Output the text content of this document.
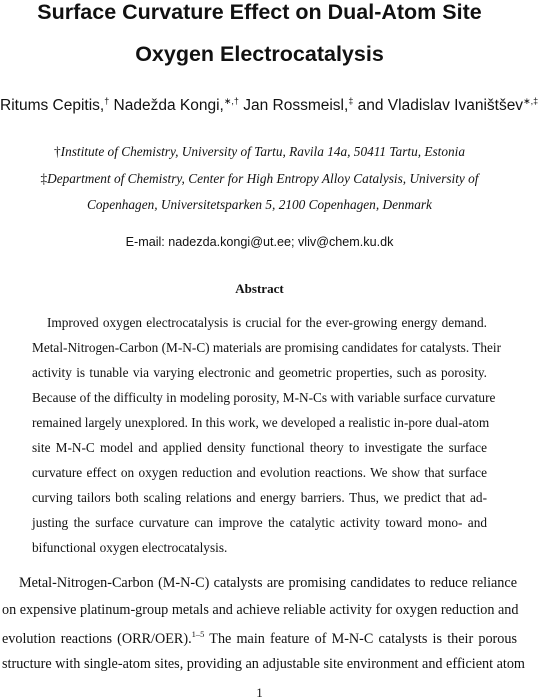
Surface Curvature Effect on Dual-Atom Site
Oxygen Electrocatalysis
Ritums Cepitis,† Nadežda Kongi,∗,† Jan Rossmeisl,‡ and Vladislav Ivaništšev∗,‡
†Institute of Chemistry, University of Tartu, Ravila 14a, 50411 Tartu, Estonia
‡Department of Chemistry, Center for High Entropy Alloy Catalysis, University of
Copenhagen, Universitetsparken 5, 2100 Copenhagen, Denmark
E-mail: nadezda.kongi@ut.ee; vliv@chem.ku.dk
Abstract
Improved oxygen electrocatalysis is crucial for the ever-growing energy demand.
Metal-Nitrogen-Carbon (M-N-C) materials are promising candidates for catalysts. Their
activity is tunable via varying electronic and geometric properties, such as porosity.
Because of the difficulty in modeling porosity, M-N-Cs with variable surface curvature
remained largely unexplored. In this work, we developed a realistic in-pore dual-atom
site M-N-C model and applied density functional theory to investigate the surface
curvature effect on oxygen reduction and evolution reactions. We show that surface
curving tailors both scaling relations and energy barriers. Thus, we predict that ad-
justing the surface curvature can improve the catalytic activity toward mono- and
bifunctional oxygen electrocatalysis.
Metal-Nitrogen-Carbon (M-N-C) catalysts are promising candidates to reduce reliance
on expensive platinum-group metals and achieve reliable activity for oxygen reduction and
evolution reactions (ORR/OER).$^{1-5}$ The main feature of M-N-C catalysts is their porous
structure with single-atom sites, providing an adjustable site environment and efficient atom
1
